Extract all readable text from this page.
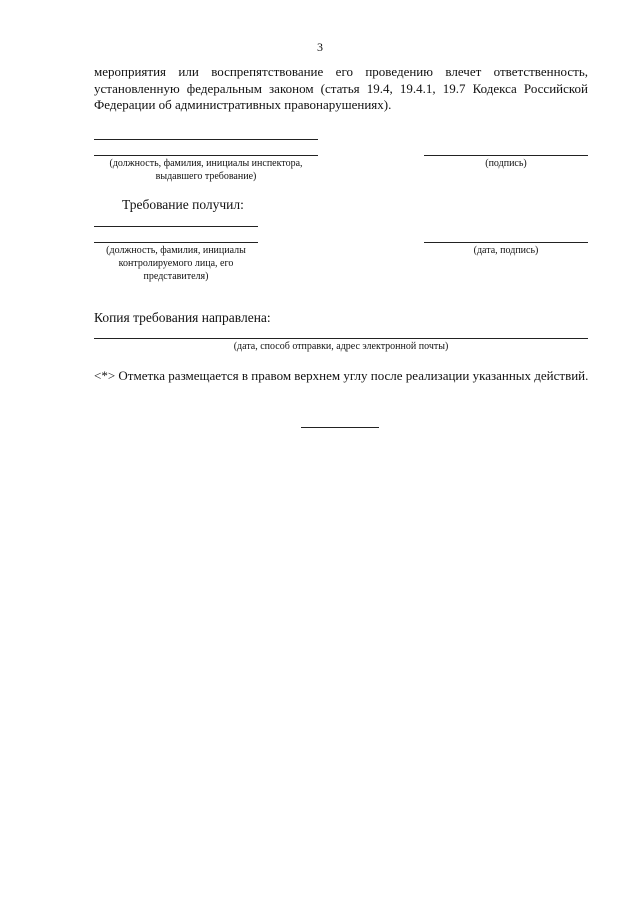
3
мероприятия или воспрепятствование его проведению влечет ответственность, установленную федеральным законом (статья 19.4, 19.4.1, 19.7 Кодекса Российской Федерации об административных правонарушениях).
(должность, фамилия, инициалы инспектора, выдавшего требование)
(подпись)
Требование получил:
(должность, фамилия, инициалы контролируемого лица, его представителя)
(дата, подпись)
Копия требования направлена:
(дата, способ отправки, адрес электронной почты)
<*> Отметка размещается в правом верхнем углу после реализации указанных действий.
